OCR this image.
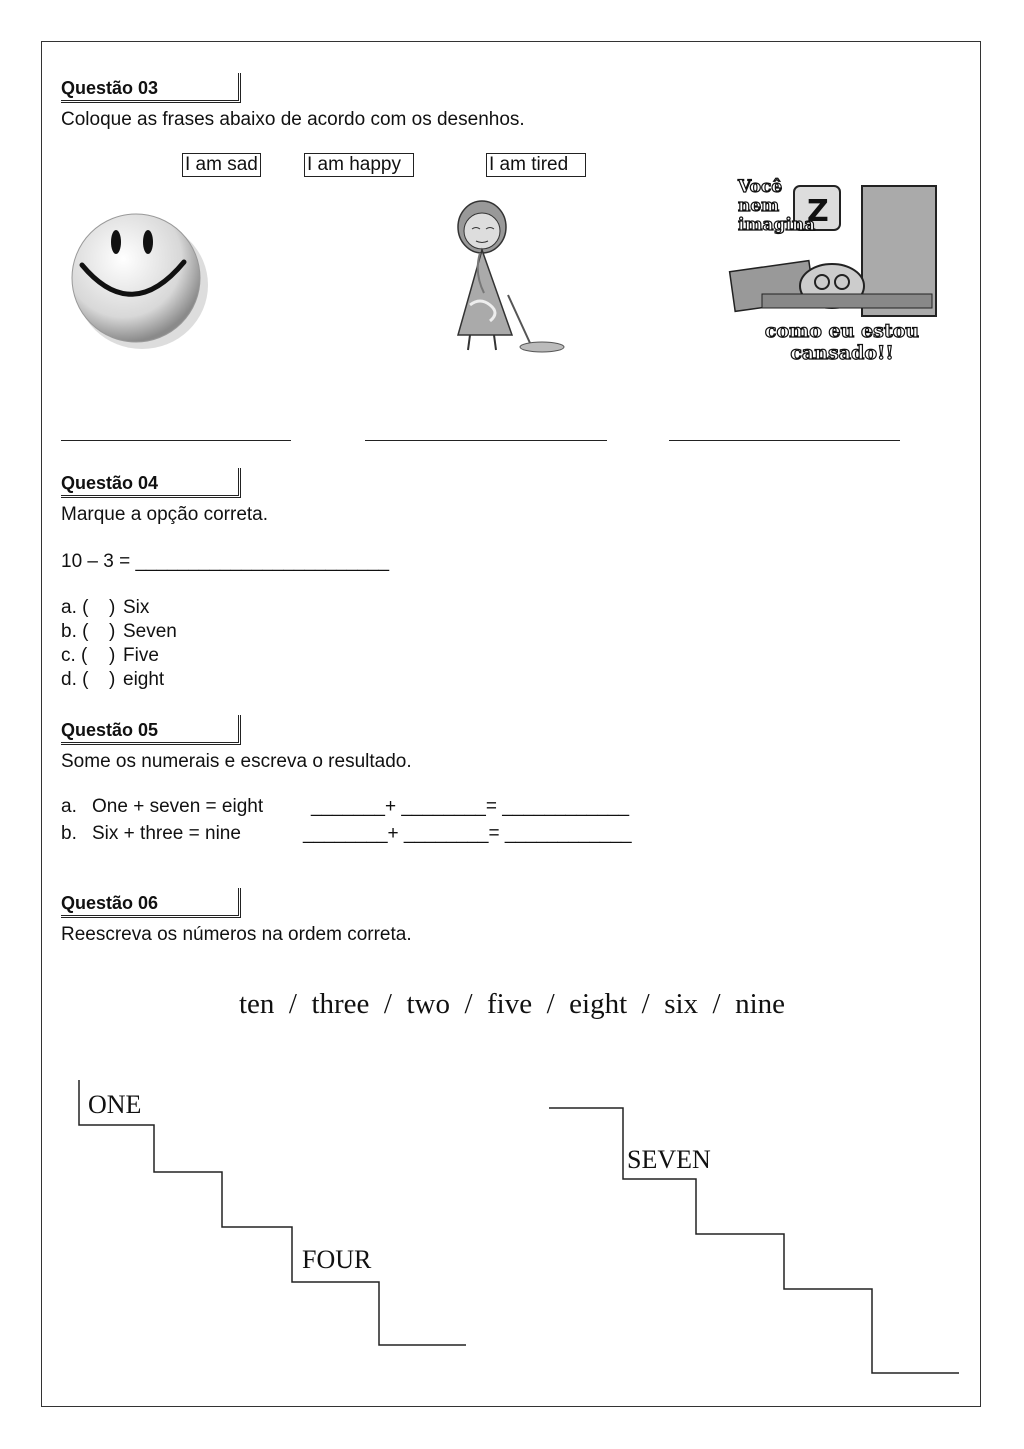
Questão 03
Coloque as frases abaixo de acordo com os desenhos.
I am sad	I am happy	I am tired
Z
Você
nem
imagina
como eu estou
cansado!!
Questão 04
Marque a opção correta.
10 – 3 = ________________________
a. (	) Six
b. (	) Seven
c. (	) Five
d. (	) eight
Questão 05
Some os numerais e escreva o resultado.
a. One + seven = eight	_______+ ________= ____________
b. Six + three = nine	________+ ________= ____________
Questão 06
Reescreva os números na ordem correta.
ten  /  three  /  two  /  five  /  eight  /  six  /  nine
ONE
FOUR
SEVEN
